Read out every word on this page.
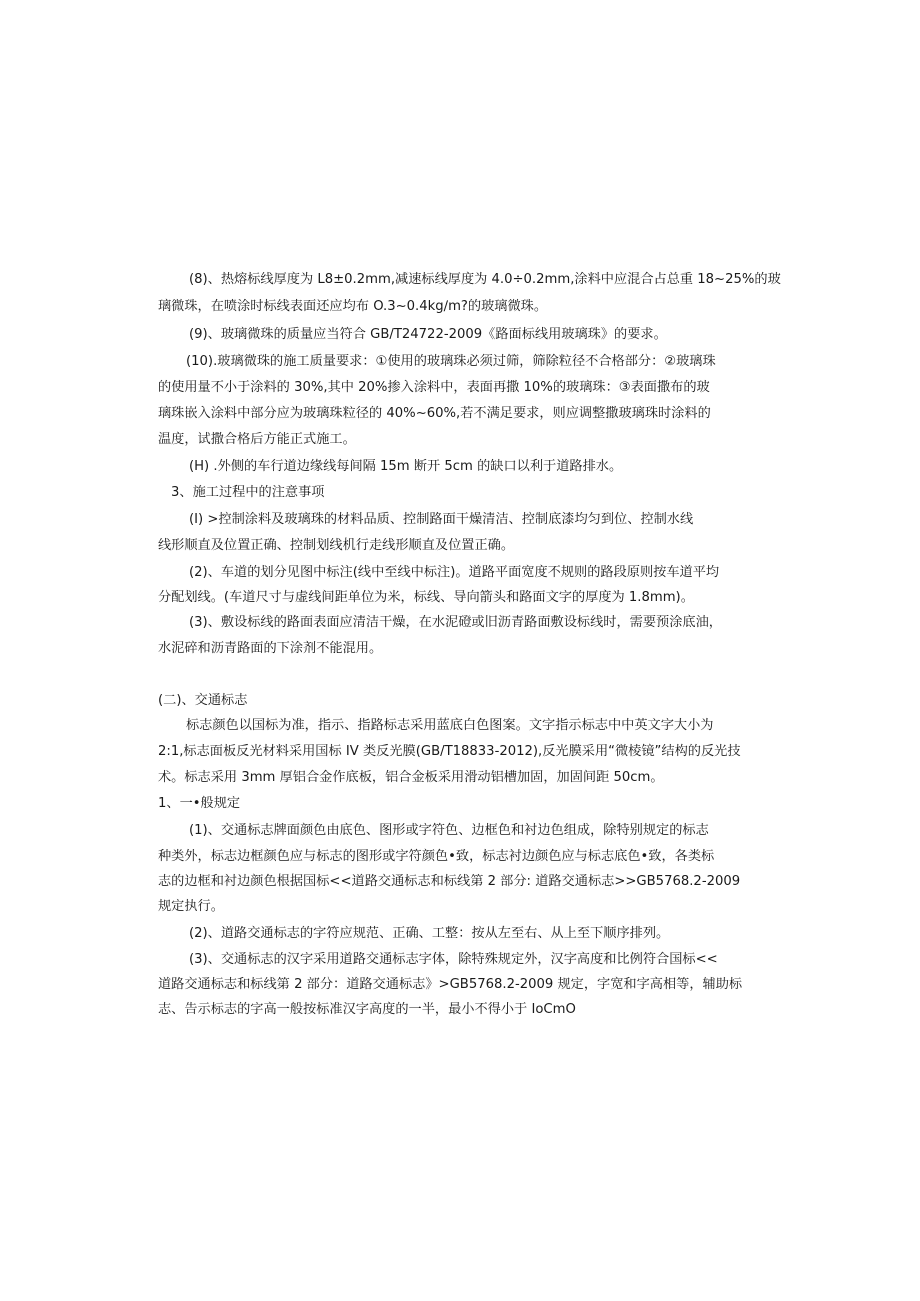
(8)、热熔标线厚度为 L8±0.2mm,减速标线厚度为 4.0÷0.2mm,涂料中应混合占总重 18~25%的玻
璃微珠，在喷涂时标线表面还应均布 O.3~0.4kg∕m?的玻璃微珠。
(9)、玻璃微珠的质量应当符合 GB/T24722-2009《路面标线用玻璃珠》的要求。
(10).玻璃微珠的施工质量要求：①使用的玻璃珠必须过筛，筛除粒径不合格部分：②玻璃珠
的使用量不小于涂料的 30%,其中 20%掺入涂料中，表面再撒 10%的玻璃珠：③表面撒布的玻
璃珠嵌入涂料中部分应为玻璃珠粒径的 40%~60%,若不满足要求，则应调整撒玻璃珠时涂料的
温度，试撒合格后方能正式施工。
(H) .外侧的车行道边缘线每间隔 15m 断开 5cm 的缺口以利于道路排水。
3、施工过程中的注意事项
(I) >控制涂料及玻璃珠的材料品质、控制路面干燥清洁、控制底漆均匀到位、控制水线
线形顺直及位置正确、控制划线机行走线形顺直及位置正确。
(2)、车道的划分见图中标注(线中至线中标注)。道路平面宽度不规则的路段原则按车道平均
分配划线。(车道尺寸与虚线间距单位为米，标线、导向箭头和路面文字的厚度为 1.8mm)。
(3)、敷设标线的路面表面应清洁干燥，在水泥磴或旧沥青路面敷设标线时，需要预涂底油，
水泥碎和沥青路面的下涂剂不能混用。
(二)、交通标志
标志颜色以国标为准，指示、指路标志采用蓝底白色图案。文字指示标志中中英文字大小为
2:1,标志面板反光材料采用国标 IV 类反光膜(GB/T18833-2012),反光膜采用“微棱镜”结构的反光技
术。标志采用 3mm 厚铝合金作底板，铝合金板采用滑动铝槽加固，加固间距 50cm。
1、一•般规定
(1)、交通标志牌面颜色由底色、图形或字符色、边框色和衬边色组成，除特别规定的标志
种类外，标志边框颜色应与标志的图形或字符颜色•致，标志衬边颜色应与标志底色•致，各类标
志的边框和衬边颜色根据国标<<道路交通标志和标线第 2 部分: 道路交通标志>>GB5768.2-2009
规定执行。
(2)、道路交通标志的字符应规范、正确、工整：按从左至右、从上至下顺序排列。
(3)、交通标志的汉字采用道路交通标志字体，除特殊规定外，汉字高度和比例符合国标<<
道路交通标志和标线第 2 部分：道路交通标志》>GB5768.2-2009 规定，字宽和字高相等，辅助标
志、告示标志的字高一般按标准汉字高度的一半，最小不得小于 IoCmO
